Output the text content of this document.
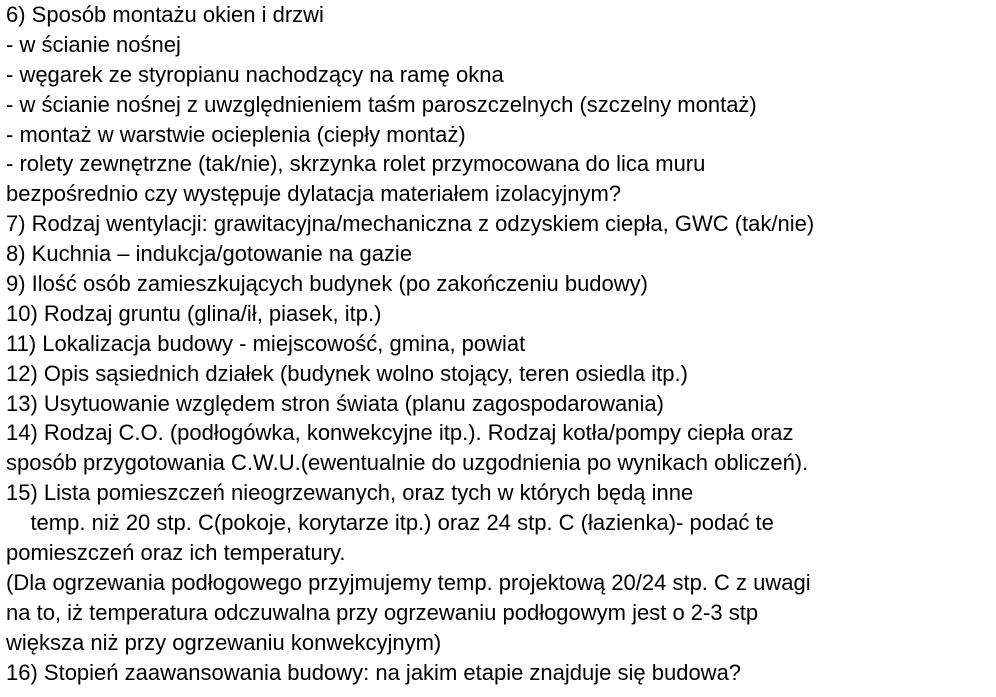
6) Sposób montażu okien i drzwi
- w ścianie nośnej
- węgarek ze styropianu nachodzący na ramę okna
- w ścianie nośnej z uwzględnieniem taśm paroszczelnych (szczelny montaż)
- montaż w warstwie ocieplenia (ciepły montaż)
- rolety zewnętrzne (tak/nie), skrzynka rolet przymocowana do lica muru
bezpośrednio czy występuje dylatacja materiałem izolacyjnym?
7) Rodzaj wentylacji: grawitacyjna/mechaniczna z odzyskiem ciepła, GWC (tak/nie)
8) Kuchnia – indukcja/gotowanie na gazie
9) Ilość osób zamieszkujących budynek (po zakończeniu budowy)
10) Rodzaj gruntu (glina/ił, piasek, itp.)
11) Lokalizacja budowy - miejscowość, gmina, powiat
12) Opis sąsiednich działek (budynek wolno stojący, teren osiedla itp.)
13) Usytuowanie względem stron świata (planu zagospodarowania)
14) Rodzaj C.O. (podłogówka, konwekcyjne itp.). Rodzaj kotła/pompy ciepła oraz
sposób przygotowania C.W.U.(ewentualnie do uzgodnienia po wynikach obliczeń).
15) Lista pomieszczeń nieogrzewanych, oraz tych w których będą inne
temp. niż 20 stp. C(pokoje, korytarze itp.) oraz 24 stp. C (łazienka)- podać te
pomieszczeń oraz ich temperatury.
(Dla ogrzewania podłogowego przyjmujemy temp. projektową 20/24 stp. C z uwagi
na to, iż temperatura odczuwalna przy ogrzewaniu podłogowym jest o 2-3 stp
większa niż przy ogrzewaniu konwekcyjnym)
16) Stopień zaawansowania budowy: na jakim etapie znajduje się budowa?
